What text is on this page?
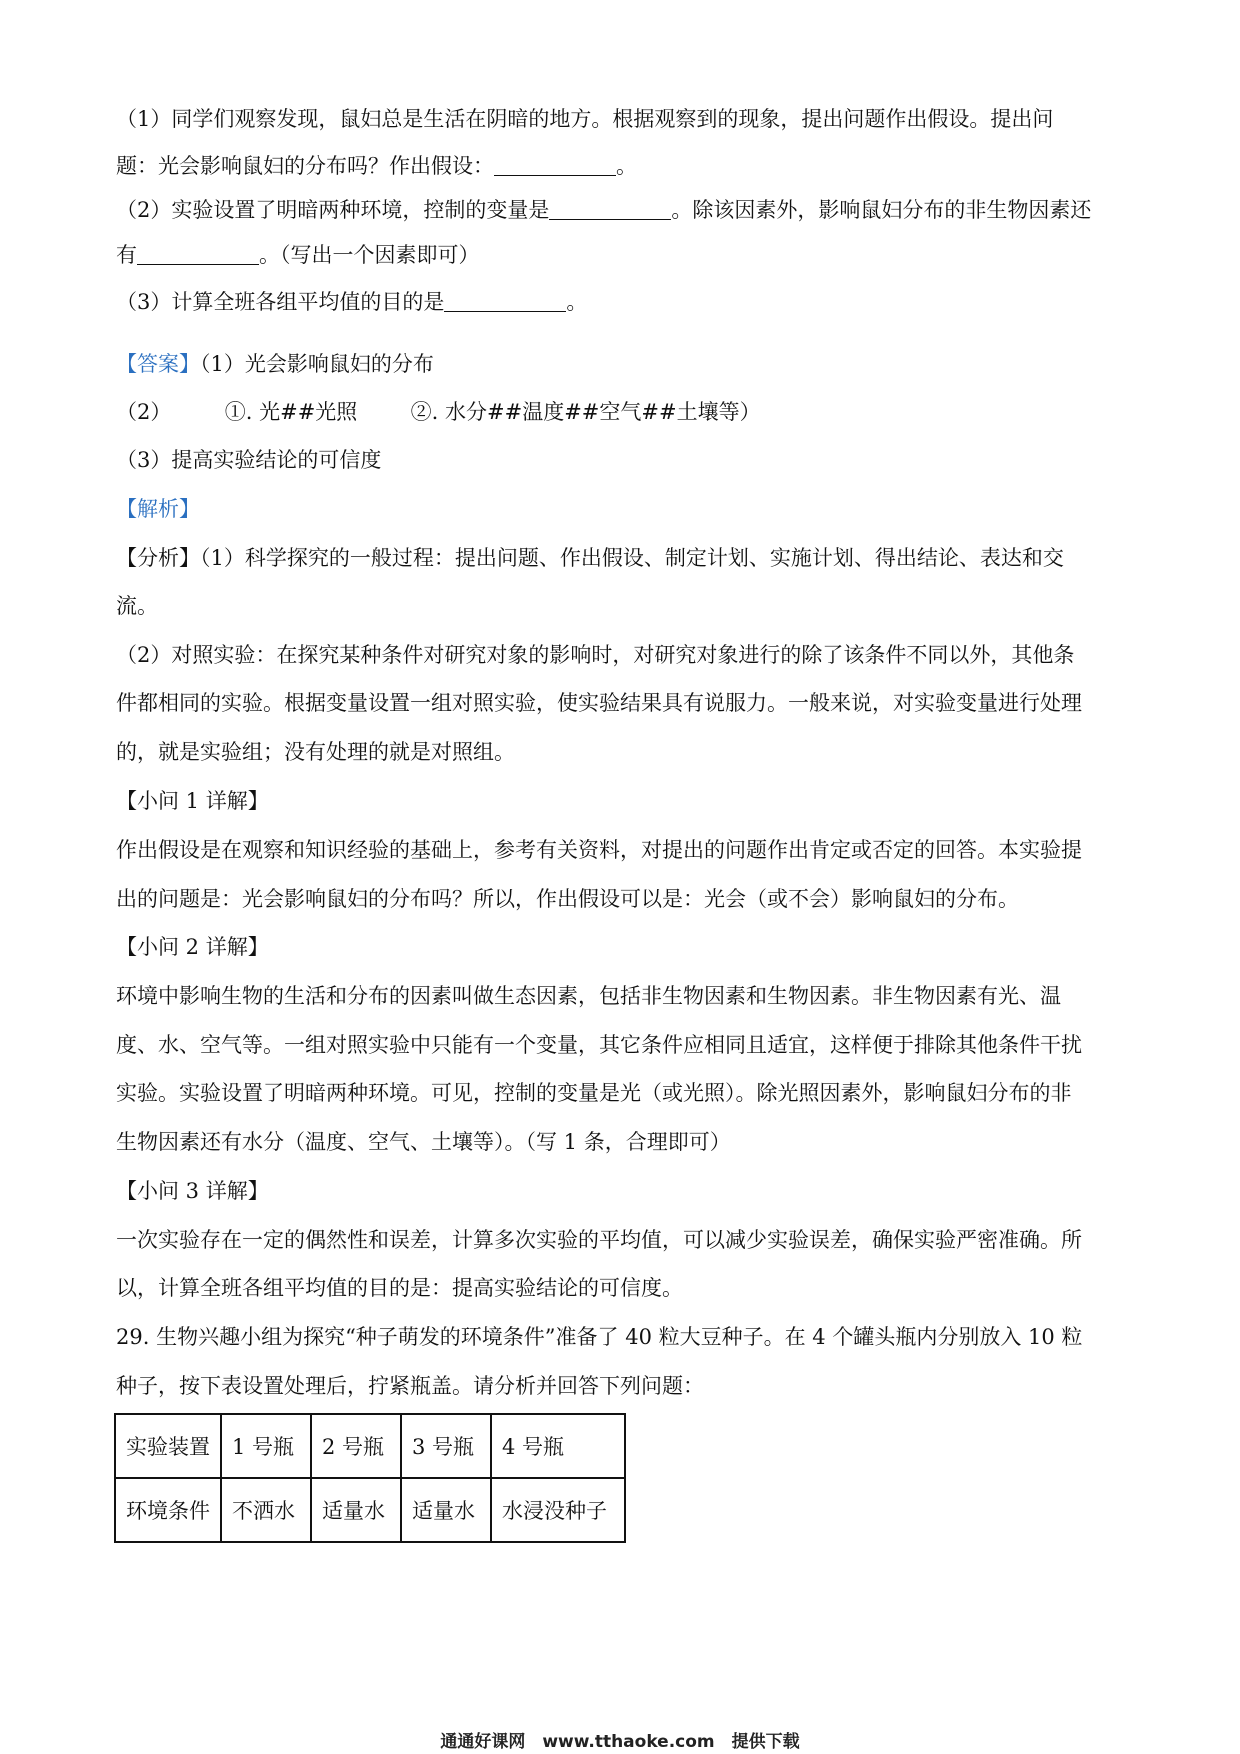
（1）同学们观察发现，鼠妇总是生活在阴暗的地方。根据观察到的现象，提出问题作出假设。提出问
题：光会影响鼠妇的分布吗？作出假设：	。
（2）实验设置了明暗两种环境，控制的变量是	。除该因素外，影响鼠妇分布的非生物因素还
有	。（写出一个因素即可）
（3）计算全班各组平均值的目的是	。
【答案】（1）光会影响鼠妇的分布
（2）	①. 光##光照	②. 水分##温度##空气##土壤等）
（3）提高实验结论的可信度
【解析】
【分析】（1）科学探究的一般过程：提出问题、作出假设、制定计划、实施计划、得出结论、表达和交
流。
（2）对照实验：在探究某种条件对研究对象的影响时，对研究对象进行的除了该条件不同以外，其他条
件都相同的实验。根据变量设置一组对照实验，使实验结果具有说服力。一般来说，对实验变量进行处理
的，就是实验组；没有处理的就是对照组。
【小问 1 详解】
作出假设是在观察和知识经验的基础上，参考有关资料，对提出的问题作出肯定或否定的回答。本实验提
出的问题是：光会影响鼠妇的分布吗？所以，作出假设可以是：光会（或不会）影响鼠妇的分布。
【小问 2 详解】
环境中影响生物的生活和分布的因素叫做生态因素，包括非生物因素和生物因素。非生物因素有光、温
度、水、空气等。一组对照实验中只能有一个变量，其它条件应相同且适宜，这样便于排除其他条件干扰
实验。实验设置了明暗两种环境。可见，控制的变量是光（或光照）。除光照因素外，影响鼠妇分布的非
生物因素还有水分（温度、空气、土壤等）。（写 1 条，合理即可）
【小问 3 详解】
一次实验存在一定的偶然性和误差，计算多次实验的平均值，可以减少实验误差，确保实验严密准确。所
以，计算全班各组平均值的目的是：提高实验结论的可信度。
29. 生物兴趣小组为探究“种子萌发的环境条件”准备了 40 粒大豆种子。在 4 个罐头瓶内分别放入 10 粒
种子，按下表设置处理后，拧紧瓶盖。请分析并回答下列问题：
实验装置	1 号瓶	2 号瓶	3 号瓶	4 号瓶
环境条件	不洒水	适量水	适量水	水浸没种子
通通好课网　www.tthaoke.com　提供下载
